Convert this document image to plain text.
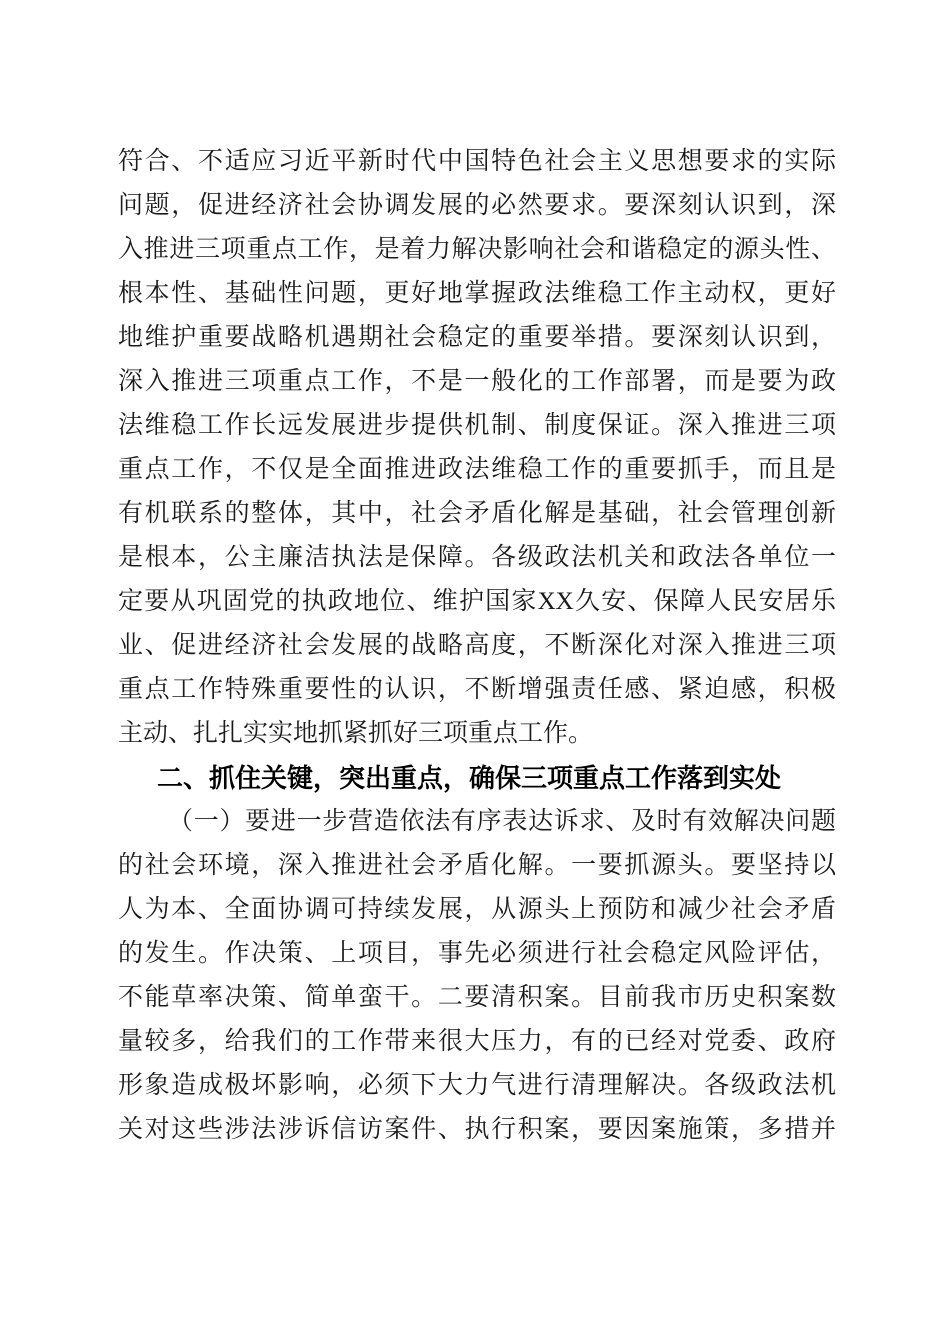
符合、不适应习近平新时代中国特色社会主义思想要求的实际
问题，促进经济社会协调发展的必然要求。要深刻认识到，深
入推进三项重点工作，是着力解决影响社会和谐稳定的源头性、
根本性、基础性问题，更好地掌握政法维稳工作主动权，更好
地维护重要战略机遇期社会稳定的重要举措。要深刻认识到，
深入推进三项重点工作，不是一般化的工作部署，而是要为政
法维稳工作长远发展进步提供机制、制度保证。深入推进三项
重点工作，不仅是全面推进政法维稳工作的重要抓手，而且是
有机联系的整体，其中，社会矛盾化解是基础，社会管理创新
是根本，公主廉洁执法是保障。各级政法机关和政法各单位一
定要从巩固党的执政地位、维护国家XX久安、保障人民安居乐
业、促进经济社会发展的战略高度，不断深化对深入推进三项
重点工作特殊重要性的认识，不断增强责任感、紧迫感，积极
主动、扎扎实实地抓紧抓好三项重点工作。
二、抓住关键，突出重点，确保三项重点工作落到实处
（一）要进一步营造依法有序表达诉求、及时有效解决问题
的社会环境，深入推进社会矛盾化解。一要抓源头。要坚持以
人为本、全面协调可持续发展，从源头上预防和减少社会矛盾
的发生。作决策、上项目，事先必须进行社会稳定风险评估，
不能草率决策、简单蛮干。二要清积案。目前我市历史积案数
量较多，给我们的工作带来很大压力，有的已经对党委、政府
形象造成极坏影响，必须下大力气进行清理解决。各级政法机
关对这些涉法涉诉信访案件、执行积案，要因案施策，多措并
